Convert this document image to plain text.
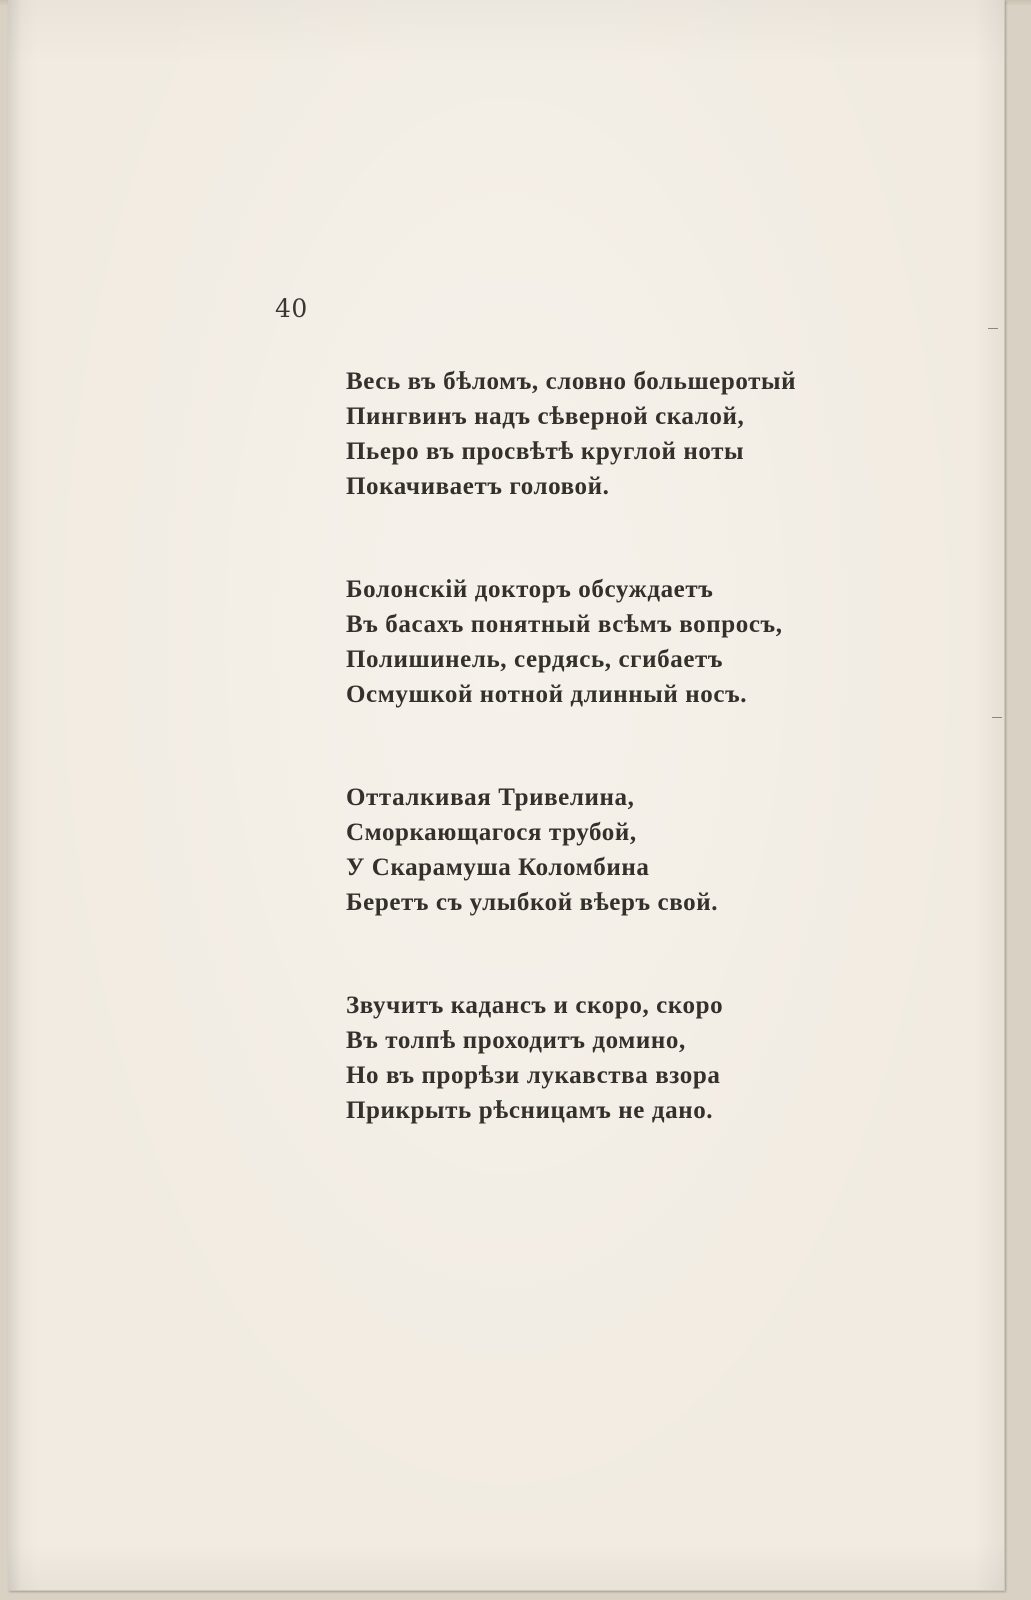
40
Весь въ бѣломъ, словно большеротый
Пингвинъ надъ сѣверной скалой,
Пьеро въ просвѣтѣ круглой ноты
Покачиваетъ головой.
Болонскій докторъ обсуждаетъ
Въ басахъ понятный всѣмъ вопросъ,
Полишинель, сердясь, сгибаетъ
Осмушкой нотной длинный носъ.
Отталкивая Тривелина,
Сморкающагося трубой,
У Скарамуша Коломбина
Беретъ съ улыбкой вѣеръ свой.
Звучитъ кадансъ и скоро, скоро
Въ толпѣ проходитъ домино,
Но въ прорѣзи лукавства взора
Прикрыть рѣсницамъ не дано.
